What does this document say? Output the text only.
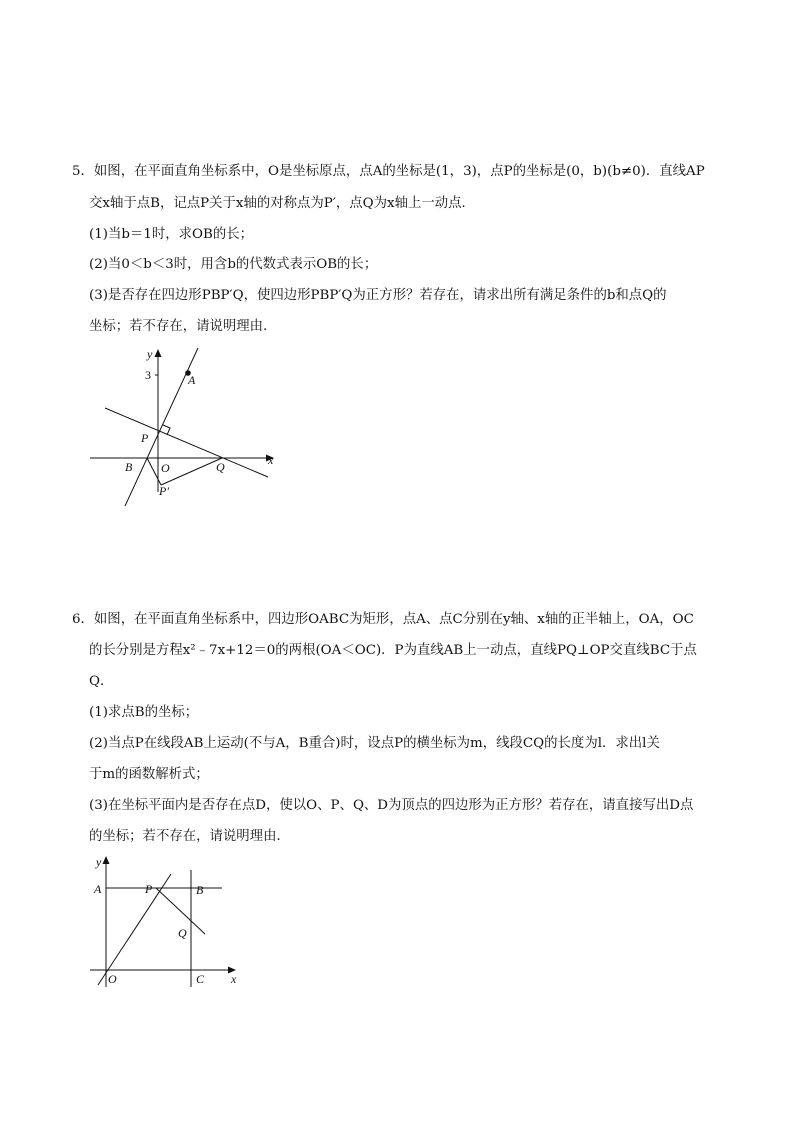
5．如图，在平面直角坐标系中，O是坐标原点，点A的坐标是(1，3)，点P的坐标是(0，b)(b≠0)．直线AP
交x轴于点B，记点P关于x轴的对称点为P′，点Q为x轴上一动点．
(1)当b＝1时，求OB的长；
(2)当0＜b＜3时，用含b的代数式表示OB的长；
(3)是否存在四边形PBP′Q，使四边形PBP′Q为正方形？若存在，请求出所有满足条件的b和点Q的
坐标；若不存在，请说明理由．
y
3	A
P
B O	Q
P′
x
6．如图，在平面直角坐标系中，四边形OABC为矩形，点A、点C分别在y轴、x轴的正半轴上，OA，OC
的长分别是方程x²﹣7x+12＝0的两根(OA＜OC)．P为直线AB上一动点，直线PQ⊥OP交直线BC于点
Q．
(1)求点B的坐标；
(2)当点P在线段AB上运动(不与A，B重合)时，设点P的横坐标为m，线段CQ的长度为l．求出l关
于m的函数解析式；
(3)在坐标平面内是否存在点D，使以O、P、Q、D为顶点的四边形为正方形？若存在，请直接写出D点
的坐标；若不存在，请说明理由．
y
A	P	B
Q
O	C x
